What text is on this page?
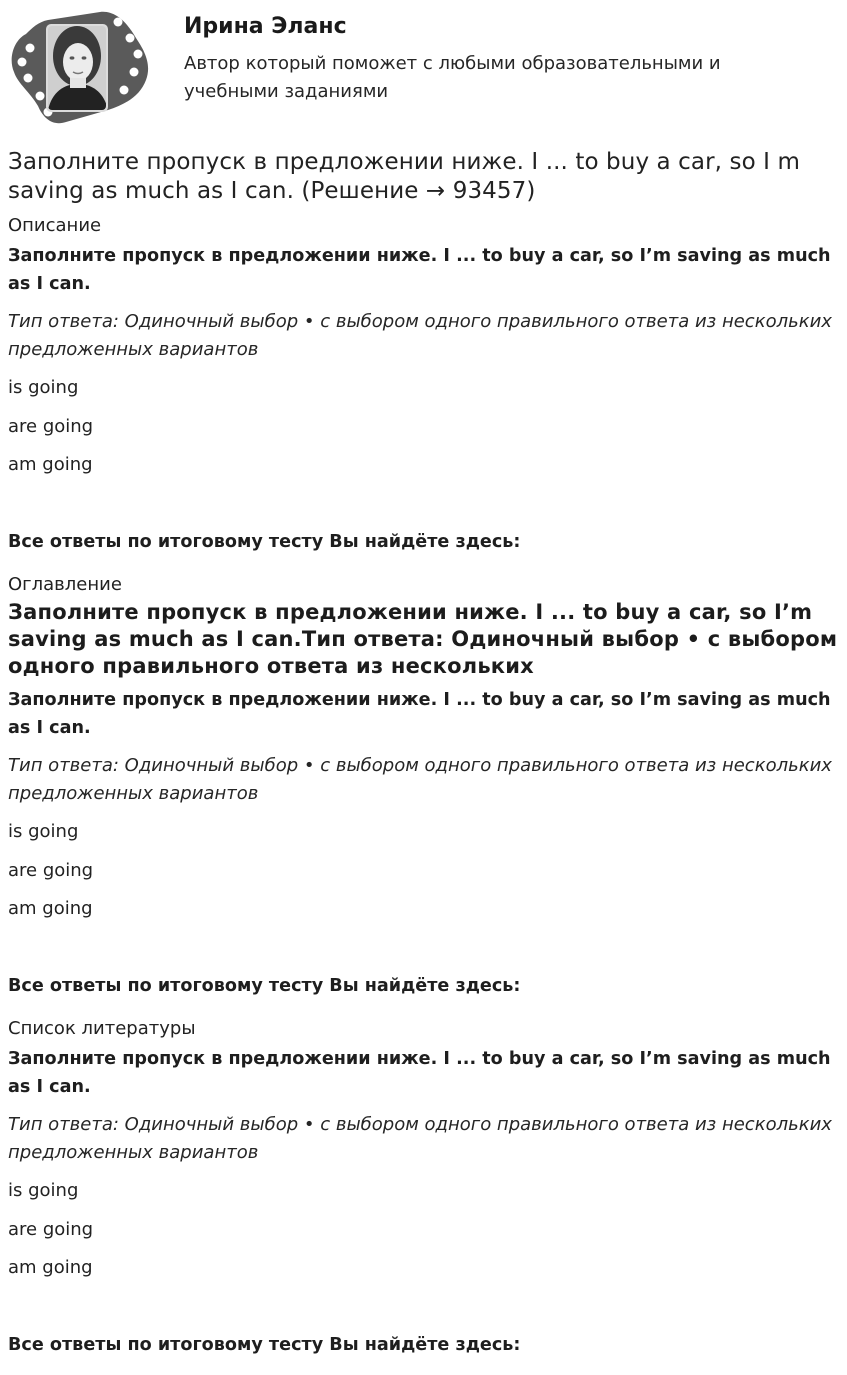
Ирина Эланс
Автор который поможет с любыми образовательными и учебными заданиями
Заполните пропуск в предложении ниже. I ... to buy a car, so I m saving as much as I can. (Решение → 93457)
Описание

Заполните пропуск в предложении ниже. I ... to buy a car, so I’m saving as much as I can.

Тип ответа: Одиночный выбор • с выбором одного правильного ответа из нескольких предложенных вариантов

is going

are going

am going

Все ответы по итоговому тесту Вы найдёте здесь:
Оглавление
Заполните пропуск в предложении ниже. I ... to buy a car, so I’m saving as much as I can.Тип ответа: Одиночный выбор • с выбором одного правильного ответа из нескольких

Заполните пропуск в предложении ниже. I ... to buy a car, so I’m saving as much as I can.

Тип ответа: Одиночный выбор • с выбором одного правильного ответа из нескольких предложенных вариантов

is going

are going

am going

Все ответы по итоговому тесту Вы найдёте здесь:
Список литературы

Заполните пропуск в предложении ниже. I ... to buy a car, so I’m saving as much as I can.

Тип ответа: Одиночный выбор • с выбором одного правильного ответа из нескольких предложенных вариантов

is going

are going

am going

Все ответы по итоговому тесту Вы найдёте здесь:
